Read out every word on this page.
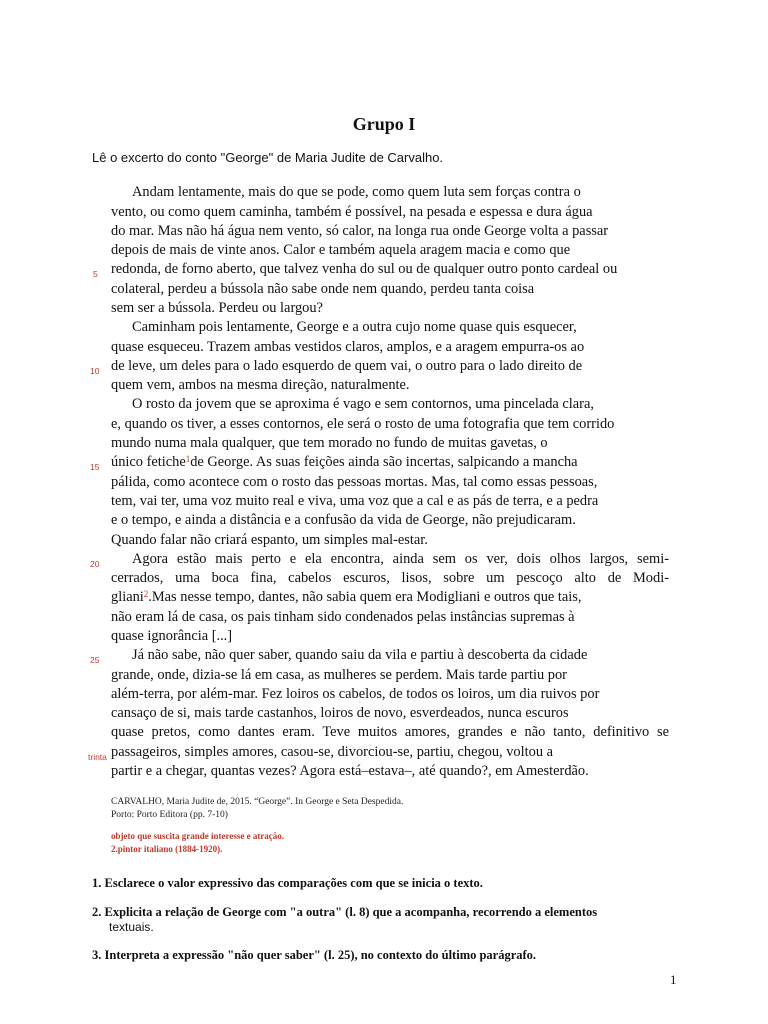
Grupo I
Lê o excerto do conto "George" de Maria Judite de Carvalho.
Andam lentamente, mais do que se pode, como quem luta sem forças contra o
vento, ou como quem caminha, também é possível, na pesada e espessa e dura água
do mar. Mas não há água nem vento, só calor, na longa rua onde George volta a passar
depois de mais de vinte anos. Calor e também aquela aragem macia e como que
redonda, de forno aberto, que talvez venha do sul ou de qualquer outro ponto cardeal ou
colateral, perdeu a bússola não sabe onde nem quando, perdeu tanta coisa
sem ser a bússola. Perdeu ou largou?
Caminham pois lentamente, George e a outra cujo nome quase quis esquecer,
quase esqueceu. Trazem ambas vestidos claros, amplos, e a aragem empurra-os ao
de leve, um deles para o lado esquerdo de quem vai, o outro para o lado direito de
quem vem, ambos na mesma direção, naturalmente.
O rosto da jovem que se aproxima é vago e sem contornos, uma pincelada clara,
e, quando os tiver, a esses contornos, ele será o rosto de uma fotografia que tem corrido
mundo numa mala qualquer, que tem morado no fundo de muitas gavetas, o
único fetiche$^1$de George. As suas feições ainda são incertas, salpicando a mancha
pálida, como acontece com o rosto das pessoas mortas. Mas, tal como essas pessoas,
tem, vai ter, uma voz muito real e viva, uma voz que a cal e as pás de terra, e a pedra
e o tempo, e ainda a distância e a confusão da vida de George, não prejudicaram.
Quando falar não criará espanto, um simples mal-estar.
Agora estão mais perto e ela encontra, ainda sem os ver, dois olhos largos, semi-
cerrados, uma boca fina, cabelos escuros, lisos, sobre um pescoço alto de Modi-
gliani$^2$.Mas nesse tempo, dantes, não sabia quem era Modigliani e outros que tais,
não eram lá de casa, os pais tinham sido condenados pelas instâncias supremas à
quase ignorância [...]
Já não sabe, não quer saber, quando saiu da vila e partiu à descoberta da cidade
grande, onde, dizia-se lá em casa, as mulheres se perdem. Mais tarde partiu por
além-terra, por além-mar. Fez loiros os cabelos, de todos os loiros, um dia ruivos por
cansaço de si, mais tarde castanhos, loiros de novo, esverdeados, nunca escuros
quase pretos, como dantes eram. Teve muitos amores, grandes e não tanto, definitivo se
passageiros, simples amores, casou-se, divorciou-se, partiu, chegou, voltou a
partir e a chegar, quantas vezes? Agora está–estava–, até quando?, em Amesterdão.
5
10
15
20
25
trinta
CARVALHO, Maria Judite de, 2015. “George”. In George e Seta Despedida.
Porto: Porto Editora (pp. 7-10)
objeto que suscita grande interesse e atração.
2.pintor italiano (1884-1920).
1. Esclarece o valor expressivo das comparações com que se inicia o texto.
2. Explicita a relação de George com "a outra" (l. 8) que a acompanha, recorrendo a elementos
textuais.
3. Interpreta a expressão "não quer saber" (l. 25), no contexto do último parágrafo.
1
